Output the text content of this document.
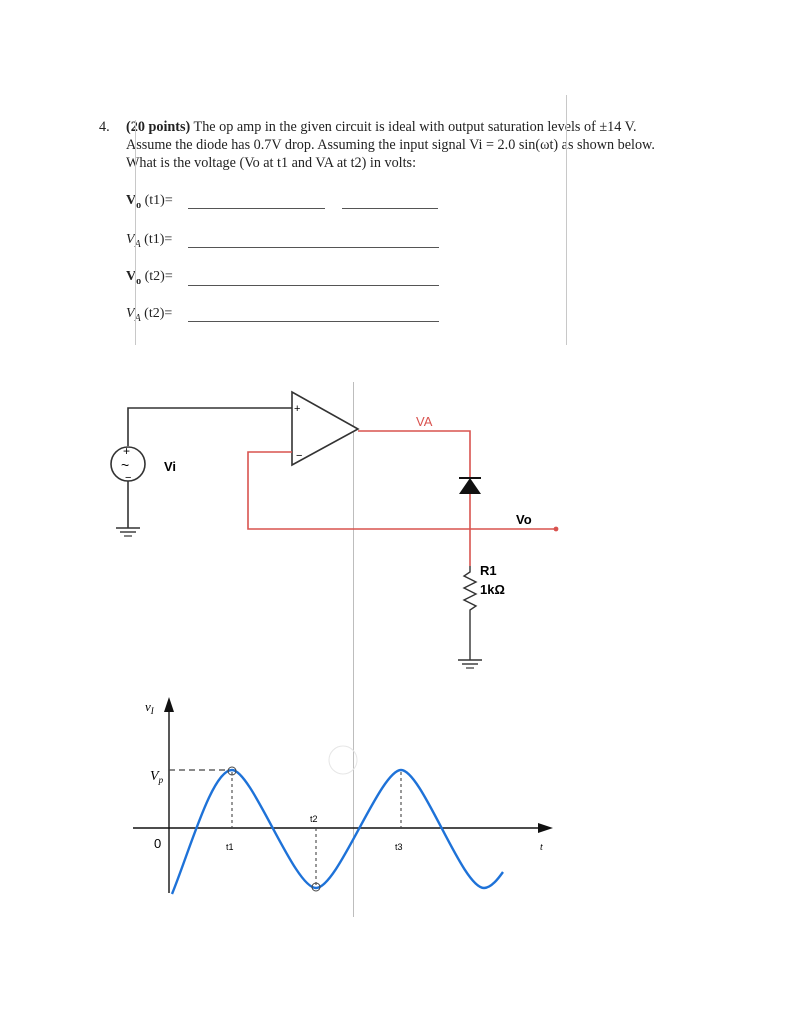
4. (20 points) The op amp in the given circuit is ideal with output saturation levels of ±14 V.
Assume the diode has 0.7V drop. Assuming the input signal Vi = 2.0 sin(ωt) as shown below.
What is the voltage (Vo at t1 and VA at t2) in volts:
$V_o$ (t1)=
$V_A$ (t1)=
$V_o$ (t2)=
$V_A$ (t2)=
+
~
−
Vi
+
−
VA
Vo
R1
1kΩ
$v_I$
$V_p$
0	t
t1
t2
t3
